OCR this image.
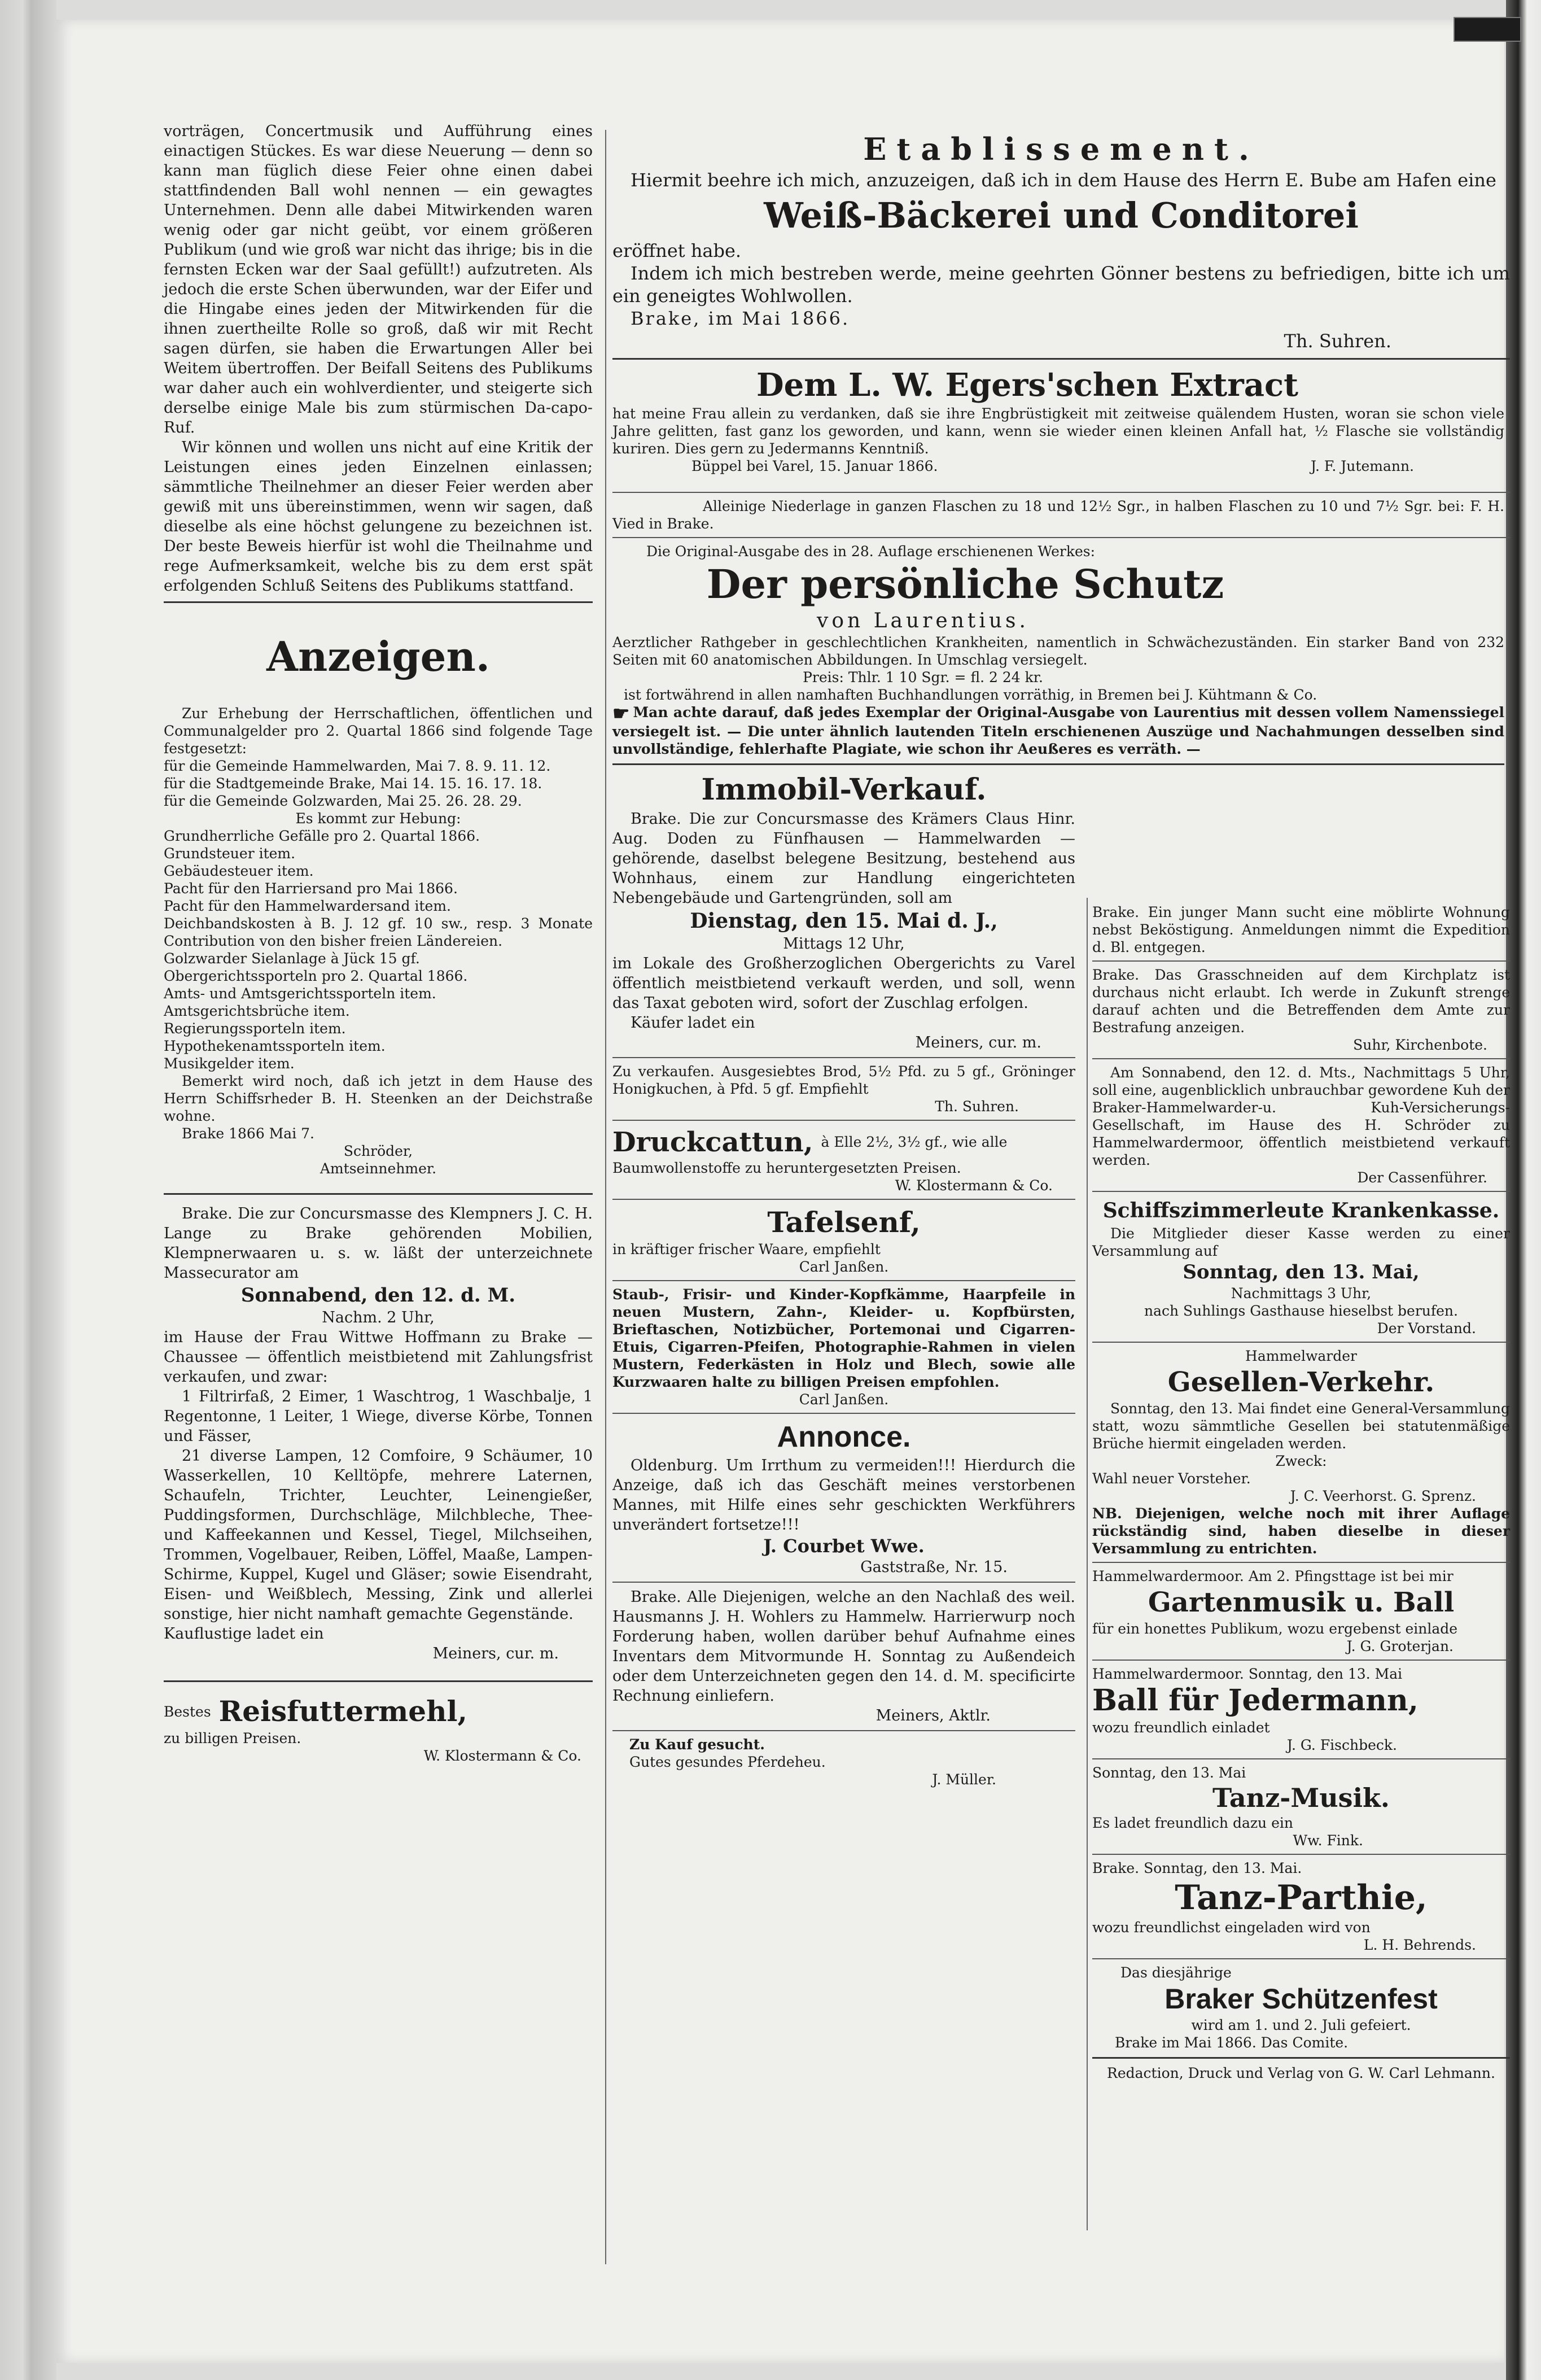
vorträgen, Concertmusik und Aufführung eines einactigen Stückes. Es war diese Neuerung — denn so kann man füglich diese Feier ohne einen dabei stattfindenden Ball wohl nennen — ein gewagtes Unternehmen. Denn alle dabei Mitwirkenden waren wenig oder gar nicht geübt, vor einem größeren Publikum (und wie groß war nicht das ihrige; bis in die fernsten Ecken war der Saal gefüllt!) aufzutreten. Als jedoch die erste Schen überwunden, war der Eifer und die Hingabe eines jeden der Mitwirkenden für die ihnen zuertheilte Rolle so groß, daß wir mit Recht sagen dürfen, sie haben die Erwartungen Aller bei Weitem übertroffen. Der Beifall Seitens des Publikums war daher auch ein wohlverdienter, und steigerte sich derselbe einige Male bis zum stürmischen Da-capo-Ruf.

Wir können und wollen uns nicht auf eine Kritik der Leistungen eines jeden Einzelnen einlassen; sämmtliche Theilnehmer an dieser Feier werden aber gewiß mit uns übereinstimmen, wenn wir sagen, daß dieselbe als eine höchst gelungene zu bezeichnen ist. Der beste Beweis hierfür ist wohl die Theilnahme und rege Aufmerksamkeit, welche bis zu dem erst spät erfolgenden Schluß Seitens des Publikums stattfand.

Anzeigen.

Zur Erhebung der Herrschaftlichen, öffentlichen und Communalgelder pro 2. Quartal 1866 sind folgende Tage festgesetzt:

für die Gemeinde Hammelwarden, Mai 7. 8. 9. 11. 12.

für die Stadtgemeinde Brake, Mai 14. 15. 16. 17. 18.

für die Gemeinde Golzwarden, Mai 25. 26. 28. 29.

Es kommt zur Hebung:

Grundherrliche Gefälle pro 2. Quartal 1866.

Grundsteuer item.

Gebäudesteuer item.

Pacht für den Harriersand pro Mai 1866.

Pacht für den Hammelwardersand item.

Deichbandskosten à B. J. 12 gf. 10 sw., resp. 3 Monate Contribution von den bisher freien Ländereien.

Golzwarder Sielanlage à Jück 15 gf.

Obergerichtssporteln pro 2. Quartal 1866.

Amts- und Amtsgerichtssporteln item.

Amtsgerichtsbrüche item.

Regierungssporteln item.

Hypothekenamtssporteln item.

Musikgelder item.

Bemerkt wird noch, daß ich jetzt in dem Hause des Herrn Schiffsrheder B. H. Steenken an der Deichstraße wohne.

Brake 1866 Mai 7.

Schröder,

Amtseinnehmer.

Brake. Die zur Concursmasse des Klempners J. C. H. Lange zu Brake gehörenden Mobilien, Klempnerwaaren u. s. w. läßt der unterzeichnete Massecurator am

Sonnabend, den 12. d. M.

Nachm. 2 Uhr,

im Hause der Frau Wittwe Hoffmann zu Brake — Chaussee — öffentlich meistbietend mit Zahlungsfrist verkaufen, und zwar:

1 Filtrirfaß, 2 Eimer, 1 Waschtrog, 1 Waschbalje, 1 Regentonne, 1 Leiter, 1 Wiege, diverse Körbe, Tonnen und Fässer,

21 diverse Lampen, 12 Comfoire, 9 Schäumer, 10 Wasserkellen, 10 Kelltöpfe, mehrere Laternen, Schaufeln, Trichter, Leuchter, Leinengießer, Puddingsformen, Durchschläge, Milchbleche, Thee- und Kaffeekannen und Kessel, Tiegel, Milchseihen, Trommen, Vogelbauer, Reiben, Löffel, Maaße, Lampen-Schirme, Kuppel, Kugel und Gläser; sowie Eisendraht, Eisen- und Weißblech, Messing, Zink und allerlei sonstige, hier nicht namhaft gemachte Gegenstände.

Kauflustige ladet ein

Meiners, cur. m.

Bestes Reisfuttermehl,

zu billigen Preisen.

W. Klostermann & Co.

Etablissement.

Hiermit beehre ich mich, anzuzeigen, daß ich in dem Hause des Herrn E. Bube am Hafen eine

Weiß-Bäckerei und Conditorei

eröffnet habe.

Indem ich mich bestreben werde, meine geehrten Gönner bestens zu befriedigen, bitte ich um ein geneigtes Wohlwollen.

Brake, im Mai 1866.

Th. Suhren.

Dem L. W. Egers'schen Extract

hat meine Frau allein zu verdanken, daß sie ihre Engbrüstigkeit mit zeitweise quälendem Husten, woran sie schon viele Jahre gelitten, fast ganz los geworden, und kann, wenn sie wieder einen kleinen Anfall hat, ½ Flasche sie vollständig kuriren. Dies gern zu Jedermanns Kenntniß.

Büppel bei Varel, 15. Januar 1866.	J. F. Jutemann.

Alleinige Niederlage in ganzen Flaschen zu 18 und 12½ Sgr., in halben Flaschen zu 10 und 7½ Sgr. bei: F. H. Vied in Brake.

Die Original-Ausgabe des in 28. Auflage erschienenen Werkes:

Der persönliche Schutz

von Laurentius.

Aerztlicher Rathgeber in geschlechtlichen Krankheiten, namentlich in Schwächezuständen. Ein starker Band von 232 Seiten mit 60 anatomischen Abbildungen. In Umschlag versiegelt.

Preis: Thlr. 1 10 Sgr. = fl. 2 24 kr.

ist fortwährend in allen namhaften Buchhandlungen vorräthig, in Bremen bei J. Kühtmann & Co.

☛ Man achte darauf, daß jedes Exemplar der Original-Ausgabe von Laurentius mit dessen vollem Namenssiegel versiegelt ist. — Die unter ähnlich lautenden Titeln erschienenen Auszüge und Nachahmungen desselben sind unvollständige, fehlerhafte Plagiate, wie schon ihr Aeußeres es verräth. —

Immobil-Verkauf.

Brake. Die zur Concursmasse des Krämers Claus Hinr. Aug. Doden zu Fünfhausen — Hammelwarden — gehörende, daselbst belegene Besitzung, bestehend aus Wohnhaus, einem zur Handlung eingerichteten Nebengebäude und Gartengründen, soll am

Dienstag, den 15. Mai d. J.,

Mittags 12 Uhr,

im Lokale des Großherzoglichen Obergerichts zu Varel öffentlich meistbietend verkauft werden, und soll, wenn das Taxat geboten wird, sofort der Zuschlag erfolgen.

Käufer ladet ein

Meiners, cur. m.

Zu verkaufen. Ausgesiebtes Brod, 5½ Pfd. zu 5 gf., Gröninger Honigkuchen, à Pfd. 5 gf. Empfiehlt

Th. Suhren.

Druckcattun, à Elle 2½, 3½ gf., wie alle

Baumwollenstoffe zu heruntergesetzten Preisen.

W. Klostermann & Co.

Tafelsenf,

in kräftiger frischer Waare, empfiehlt

Carl Janßen.

Staub-, Frisir- und Kinder-Kopfkämme, Haarpfeile in neuen Mustern, Zahn-, Kleider- u. Kopfbürsten, Brieftaschen, Notizbücher, Portemonai und Cigarren-Etuis, Cigarren-Pfeifen, Photographie-Rahmen in vielen Mustern, Federkästen in Holz und Blech, sowie alle Kurzwaaren halte zu billigen Preisen empfohlen.

Carl Janßen.

Annonce.

Oldenburg. Um Irrthum zu vermeiden!!! Hierdurch die Anzeige, daß ich das Geschäft meines verstorbenen Mannes, mit Hilfe eines sehr geschickten Werkführers unverändert fortsetze!!!

J. Courbet Wwe.

Gaststraße, Nr. 15.

Brake. Alle Diejenigen, welche an den Nachlaß des weil. Hausmanns J. H. Wohlers zu Hammelw. Harrierwurp noch Forderung haben, wollen darüber behuf Aufnahme eines Inventars dem Mitvormunde H. Sonntag zu Außendeich oder dem Unterzeichneten gegen den 14. d. M. specificirte Rechnung einliefern.

Meiners, Aktlr.

Zu Kauf gesucht.

Gutes gesundes Pferdeheu.

J. Müller.

Brake. Ein junger Mann sucht eine möblirte Wohnung nebst Beköstigung. Anmeldungen nimmt die Expedition d. Bl. entgegen.

Brake. Das Grasschneiden auf dem Kirchplatz ist durchaus nicht erlaubt. Ich werde in Zukunft strenge darauf achten und die Betreffenden dem Amte zur Bestrafung anzeigen.

Suhr, Kirchenbote.

Am Sonnabend, den 12. d. Mts., Nachmittags 5 Uhr, soll eine, augenblicklich unbrauchbar gewordene Kuh der Braker-Hammelwarder-u. Kuh-Versicherungs-Gesellschaft, im Hause des H. Schröder zu Hammelwardermoor, öffentlich meistbietend verkauft werden.

Der Cassenführer.

Schiffszimmerleute Krankenkasse.

Die Mitglieder dieser Kasse werden zu einer Versammlung auf

Sonntag, den 13. Mai,

Nachmittags 3 Uhr,

nach Suhlings Gasthause hieselbst berufen.

Der Vorstand.

Hammelwarder

Gesellen-Verkehr.

Sonntag, den 13. Mai findet eine General-Versammlung statt, wozu sämmtliche Gesellen bei statutenmäßige Brüche hiermit eingeladen werden.

Zweck:

Wahl neuer Vorsteher.

J. C. Veerhorst. G. Sprenz.

NB. Diejenigen, welche noch mit ihrer Auflage rückständig sind, haben dieselbe in dieser Versammlung zu entrichten.

Hammelwardermoor. Am 2. Pfingsttage ist bei mir

Gartenmusik u. Ball

für ein honettes Publikum, wozu ergebenst einlade

J. G. Groterjan.

Hammelwardermoor. Sonntag, den 13. Mai

Ball für Jedermann,

wozu freundlich einladet

J. G. Fischbeck.

Sonntag, den 13. Mai

Tanz-Musik.

Es ladet freundlich dazu ein

Ww. Fink.

Brake. Sonntag, den 13. Mai.

Tanz-Parthie,

wozu freundlichst eingeladen wird von

L. H. Behrends.

Das diesjährige

Braker Schützenfest

wird am 1. und 2. Juli gefeiert.

Brake im Mai 1866. Das Comite.

Redaction, Druck und Verlag von G. W. Carl Lehmann.
